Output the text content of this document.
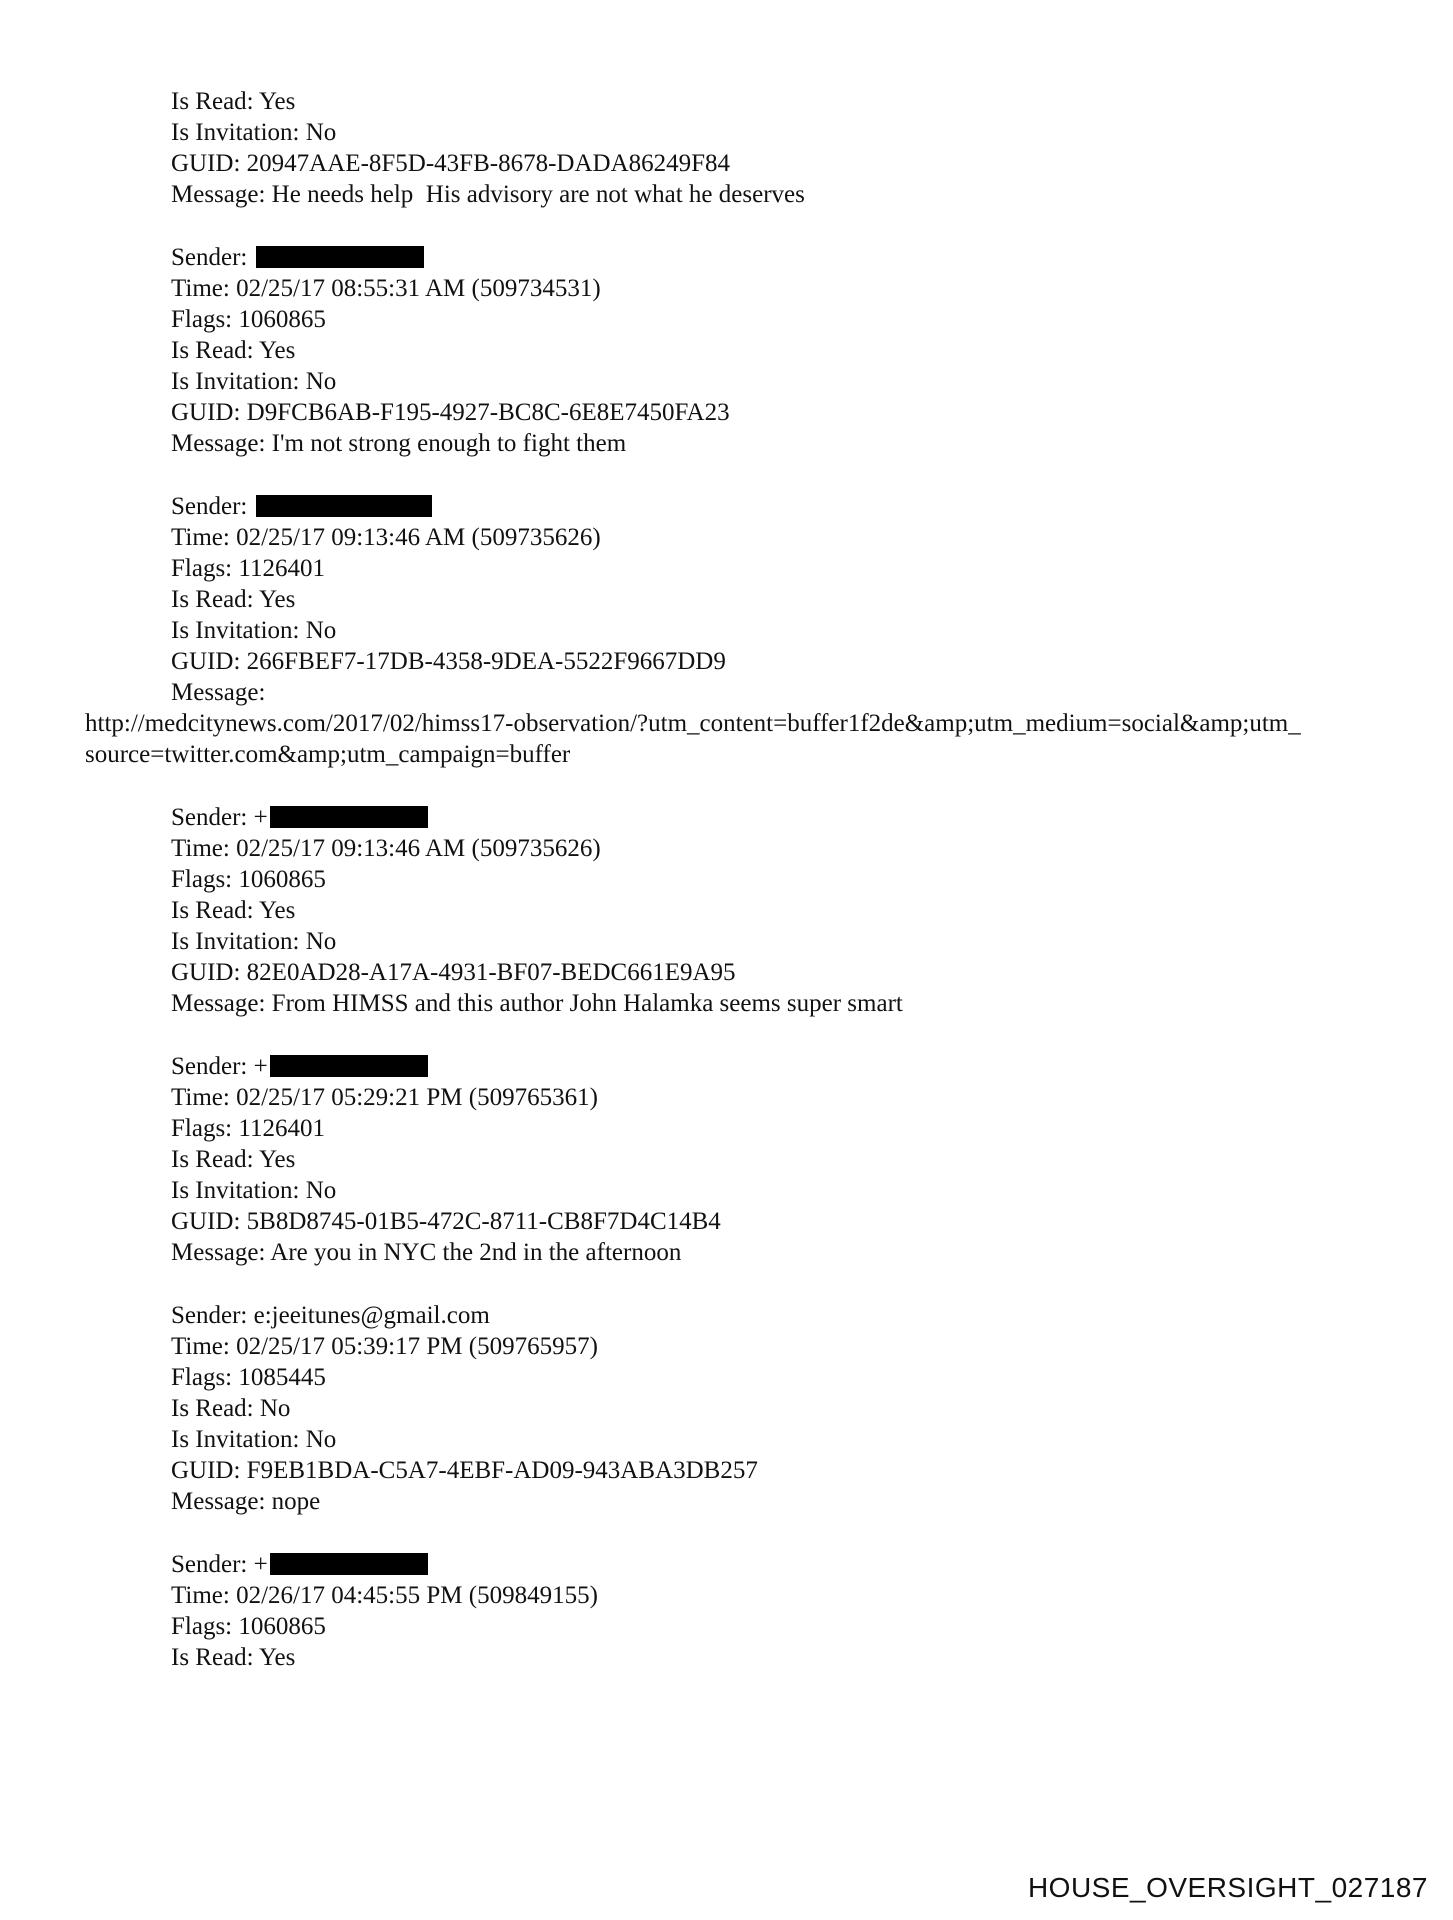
Is Read: Yes
Is Invitation: No
GUID: 20947AAE-8F5D-43FB-8678-DADA86249F84
Message: He needs help  His advisory are not what he deserves
Sender:
Time: 02/25/17 08:55:31 AM (509734531)
Flags: 1060865
Is Read: Yes
Is Invitation: No
GUID: D9FCB6AB-F195-4927-BC8C-6E8E7450FA23
Message: I'm not strong enough to fight them
Sender:
Time: 02/25/17 09:13:46 AM (509735626)
Flags: 1126401
Is Read: Yes
Is Invitation: No
GUID: 266FBEF7-17DB-4358-9DEA-5522F9667DD9
Message:
http://medcitynews.com/2017/02/himss17-observation/?utm_content=buffer1f2de&amp;utm_medium=social&amp;utm_
source=twitter.com&amp;utm_campaign=buffer
Sender: +
Time: 02/25/17 09:13:46 AM (509735626)
Flags: 1060865
Is Read: Yes
Is Invitation: No
GUID: 82E0AD28-A17A-4931-BF07-BEDC661E9A95
Message: From HIMSS and this author John Halamka seems super smart
Sender: +
Time: 02/25/17 05:29:21 PM (509765361)
Flags: 1126401
Is Read: Yes
Is Invitation: No
GUID: 5B8D8745-01B5-472C-8711-CB8F7D4C14B4
Message: Are you in NYC the 2nd in the afternoon
Sender: e:jeeitunes@gmail.com
Time: 02/25/17 05:39:17 PM (509765957)
Flags: 1085445
Is Read: No
Is Invitation: No
GUID: F9EB1BDA-C5A7-4EBF-AD09-943ABA3DB257
Message: nope
Sender: +
Time: 02/26/17 04:45:55 PM (509849155)
Flags: 1060865
Is Read: Yes
HOUSE_OVERSIGHT_027187
